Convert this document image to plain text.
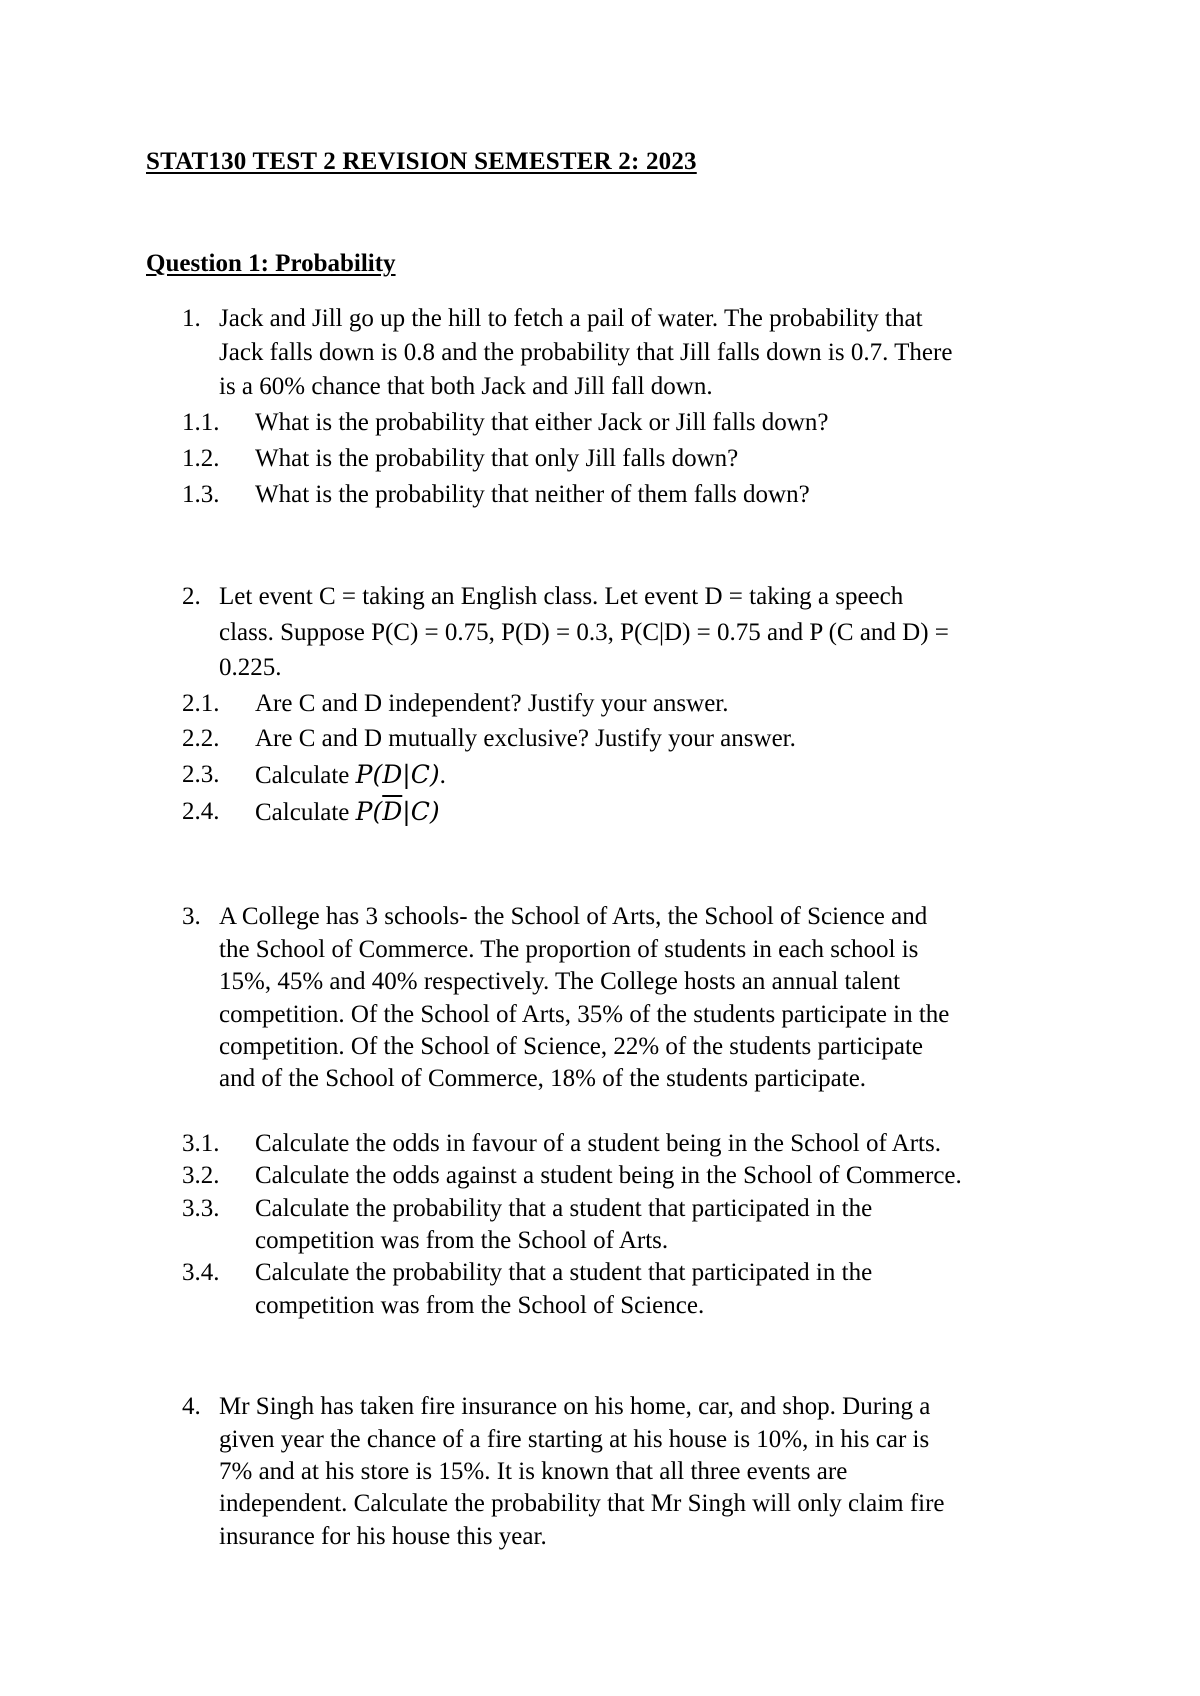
STAT130 TEST 2 REVISION SEMESTER 2: 2023
Question 1: Probability
1. Jack and Jill go up the hill to fetch a pail of water. The probability that
Jack falls down is 0.8 and the probability that Jill falls down is 0.7. There
is a 60% chance that both Jack and Jill fall down.
1.1. What is the probability that either Jack or Jill falls down?
1.2. What is the probability that only Jill falls down?
1.3. What is the probability that neither of them falls down?
2. Let event C = taking an English class. Let event D = taking a speech
class. Suppose P(C) = 0.75, P(D) = 0.3, P(C|D) = 0.75 and P (C and D) =
0.225.
2.1. Are C and D independent? Justify your answer.
2.2. Are C and D mutually exclusive? Justify your answer.
2.3. Calculate P(D|C).
2.4. Calculate $P(\overline{D}|C)$
3. A College has 3 schools- the School of Arts, the School of Science and
the School of Commerce. The proportion of students in each school is
15%, 45% and 40% respectively. The College hosts an annual talent
competition. Of the School of Arts, 35% of the students participate in the
competition. Of the School of Science, 22% of the students participate
and of the School of Commerce, 18% of the students participate.
3.1. Calculate the odds in favour of a student being in the School of Arts.
3.2. Calculate the odds against a student being in the School of Commerce.
3.3. Calculate the probability that a student that participated in the
competition was from the School of Arts.
3.4. Calculate the probability that a student that participated in the
competition was from the School of Science.
4. Mr Singh has taken fire insurance on his home, car, and shop. During a
given year the chance of a fire starting at his house is 10%, in his car is
7% and at his store is 15%. It is known that all three events are
independent. Calculate the probability that Mr Singh will only claim fire
insurance for his house this year.
